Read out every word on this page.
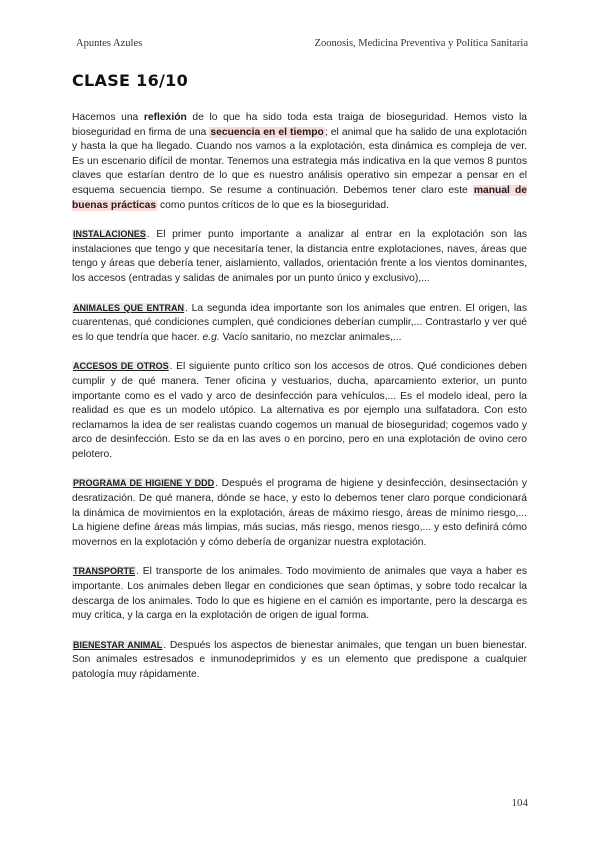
Apuntes Azules	Zoonosis, Medicina Preventiva y Política Sanitaria
CLASE 16/10

Hacemos una reflexión de lo que ha sido toda esta traiga de bioseguridad. Hemos visto la bioseguridad en firma de una secuencia en el tiempo; el animal que ha salido de una explotación y hasta la que ha llegado. Cuando nos vamos a la explotación, esta dinámica es compleja de ver. Es un escenario difícil de montar. Tenemos una estrategia más indicativa en la que vemos 8 puntos claves que estarían dentro de lo que es nuestro análisis operativo sin empezar a pensar en el esquema secuencia tiempo. Se resume a continuación. Debemos tener claro este manual de buenas prácticas como puntos críticos de lo que es la bioseguridad.

INSTALACIONES. El primer punto importante a analizar al entrar en la explotación son las instalaciones que tengo y que necesitaría tener, la distancia entre explotaciones, naves, áreas que tengo y áreas que debería tener, aislamiento, vallados, orientación frente a los vientos dominantes, los accesos (entradas y salidas de animales por un punto único y exclusivo),...

ANIMALES QUE ENTRAN. La segunda idea importante son los animales que entren. El origen, las cuarentenas, qué condiciones cumplen, qué condiciones deberían cumplir,... Contrastarlo y ver qué es lo que tendría que hacer. e.g. Vacío sanitario, no mezclar animales,...

ACCESOS DE OTROS. El siguiente punto crítico son los accesos de otros. Qué condiciones deben cumplir y de qué manera. Tener oficina y vestuarios, ducha, aparcamiento exterior, un punto importante como es el vado y arco de desinfección para vehículos,... Es el modelo ideal, pero la realidad es que es un modelo utópico. La alternativa es por ejemplo una sulfatadora. Con esto reclamamos la idea de ser realistas cuando cogemos un manual de bioseguridad; cogemos vado y arco de desinfección. Esto se da en las aves o en porcino, pero en una explotación de ovino cero pelotero.

PROGRAMA DE HIGIENE Y DDD. Después el programa de higiene y desinfección, desinsectación y desratización. De qué manera, dónde se hace, y esto lo debemos tener claro porque condicionará la dinámica de movimientos en la explotación, áreas de máximo riesgo, áreas de mínimo riesgo,... La higiene define áreas más limpias, más sucias, más riesgo, menos riesgo,... y esto definirá cómo movernos en la explotación y cómo debería de organizar nuestra explotación.

TRANSPORTE. El transporte de los animales. Todo movimiento de animales que vaya a haber es importante. Los animales deben llegar en condiciones que sean óptimas, y sobre todo recalcar la descarga de los animales. Todo lo que es higiene en el camión es importante, pero la descarga es muy crítica, y la carga en la explotación de origen de igual forma.

BIENESTAR ANIMAL. Después los aspectos de bienestar animales, que tengan un buen bienestar. Son animales estresados e inmunodeprimidos y es un elemento que predispone a cualquier patología muy rápidamente.

104
